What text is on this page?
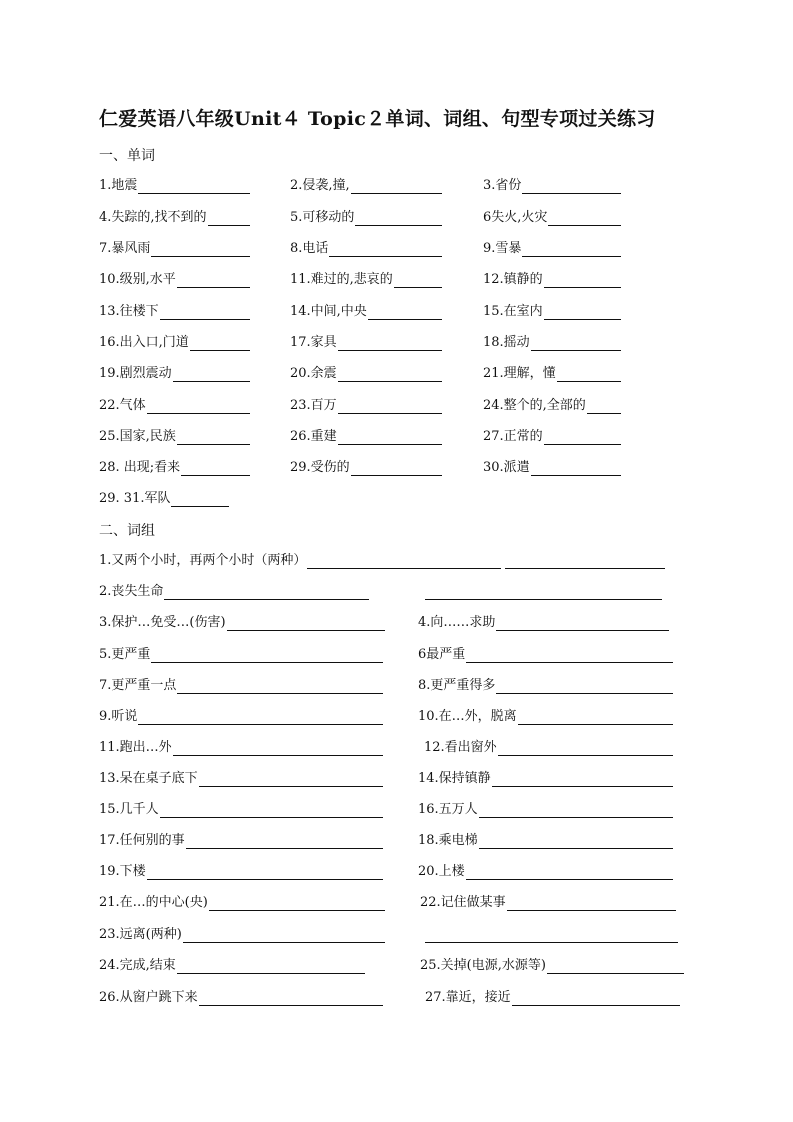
仁爱英语八年级Unit４ Topic２单词、词组、句型专项过关练习
一、单词
二、词组
1.地震	2.侵袭,撞,	3.省份
4.失踪的,找不到的	5.可移动的	6失火,火灾
7.暴风雨	8.电话	9.雪暴
10.级别,水平	11.难过的,悲哀的	12.镇静的
13.往楼下	14.中间,中央	15.在室内
16.出入口,门道	17.家具	18.摇动
19.剧烈震动	20.余震	21.理解，懂
22.气体	23.百万	24.整个的,全部的
25.国家,民族	26.重建	27.正常的
28. 出现;看来	29.受伤的	30.派遣
29. 31.军队
1.又两个小时，再两个小时（两种）
2.丧失生命
3.保护…免受…(伤害)	4.向……求助
5.更严重	6最严重
7.更严重一点	8.更严重得多
9.听说	10.在…外，脱离
11.跑出…外	12.看出窗外
13.呆在桌子底下	14.保持镇静
15.几千人	16.五万人
17.任何别的事	18.乘电梯
19.下楼	20.上楼
21.在…的中心(央)	22.记住做某事
23.远离(两种)
24.完成,结束	25.关掉(电源,水源等)
26.从窗户跳下来	27.靠近，接近
